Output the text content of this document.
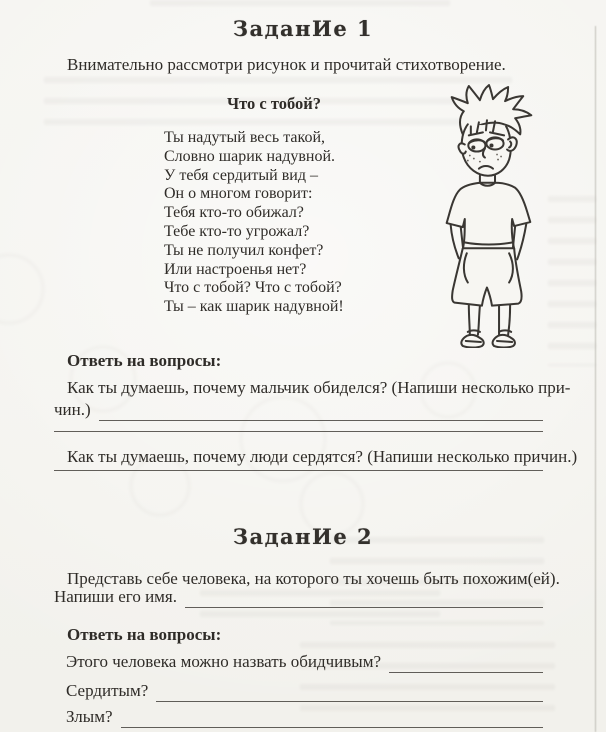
ЗаданИе 1
Внимательно рассмотри рисунок и прочитай стихотворение.
Что с тобой?
Ты надутый весь такой,
Словно шарик надувной.
У тебя сердитый вид –
Он о многом говорит:
Тебя кто-то обижал?
Тебе кто-то угрожал?
Ты не получил конфет?
Или настроенья нет?
Что с тобой? Что с тобой?
Ты – как шарик надувной!
Ответь на вопросы:
Как ты думаешь, почему мальчик обиделся? (Напиши несколько при-
чин.)
Как ты думаешь, почему люди сердятся? (Напиши несколько причин.)
ЗаданИе 2
Представь себе человека, на которого ты хочешь быть похожим(ей).
Напиши его имя.
Ответь на вопросы:
Этого человека можно назвать обидчивым?
Сердитым?
Злым?
